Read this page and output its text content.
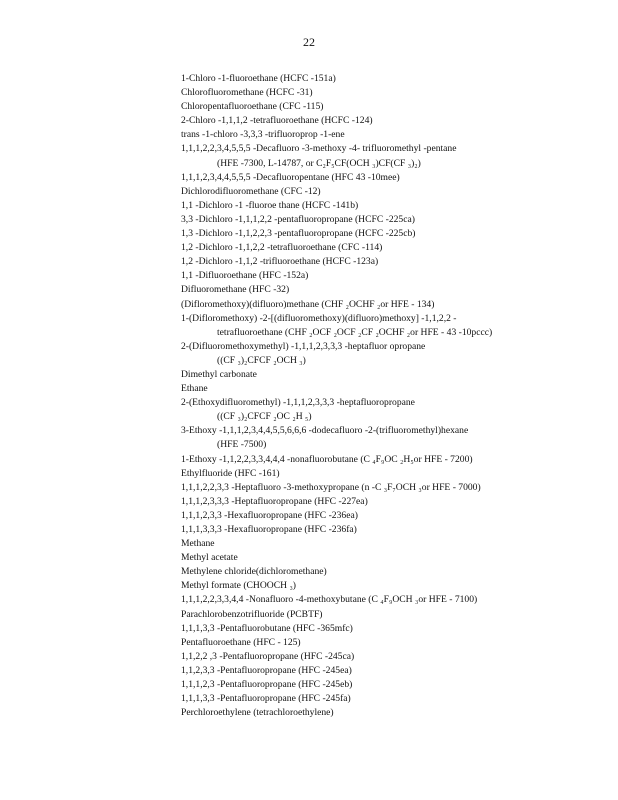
22
1-Chloro -1-fluoroethane (HCFC -151a)
Chlorofluoromethane (HCFC -31)
Chloropentafluoroethane (CFC -115)
2-Chloro -1,1,1,2 -tetrafluoroethane (HCFC -124)
trans -1-chloro -3,3,3 -trifluoroprop -1-ene
1,1,1,2,2,3,4,5,5,5 -Decafluoro -3-methoxy -4- trifluoromethyl -pentane
(HFE -7300, L-14787, or C₂F₅CF(OCH ₃)CF(CF ₃)₂)
1,1,1,2,3,4,4,5,5,5 -Decafluoropentane (HFC 43 -10mee)
Dichlorodifluoromethane (CFC -12)
1,1 -Dichloro -1 -fluoroe thane (HCFC -141b)
3,3 -Dichloro -1,1,1,2,2 -pentafluoropropane (HCFC -225ca)
1,3 -Dichloro -1,1,2,2,3 -pentafluoropropane (HCFC -225cb)
1,2 -Dichloro -1,1,2,2 -tetrafluoroethane (CFC -114)
1,2 -Dichloro -1,1,2 -trifluoroethane (HCFC -123a)
1,1 -Difluoroethane (HFC -152a)
Difluoromethane (HFC -32)
(Difloromethoxy)(difluoro)methane (CHF ₂OCHF ₂or HFE - 134)
1-(Difloromethoxy) -2-[(difluoromethoxy)(difluoro)methoxy] -1,1,2,2 -
tetrafluoroethane (CHF ₂OCF ₂OCF ₂CF ₂OCHF ₂or HFE - 43 -10pccc)
2-(Difluoromethoxymethyl) -1,1,1,2,3,3,3 -heptafluor opropane
((CF ₃)₂CFCF ₂OCH ₃)
Dimethyl carbonate
Ethane
2-(Ethoxydifluoromethyl) -1,1,1,2,3,3,3 -heptafluoropropane
((CF ₃)₂CFCF ₂OC ₂H ₅)
3-Ethoxy -1,1,1,2,3,4,4,5,5,6,6,6 -dodecafluoro -2-(trifluoromethyl)hexane
(HFE -7500)
1-Ethoxy -1,1,2,2,3,3,4,4,4 -nonafluorobutane (C ₄F₉OC ₂H₅or HFE - 7200)
Ethylfluoride (HFC -161)
1,1,1,2,2,3,3 -Heptafluoro -3-methoxypropane (n -C ₃F₇OCH ₃or HFE - 7000)
1,1,1,2,3,3,3 -Heptafluoropropane (HFC -227ea)
1,1,1,2,3,3 -Hexafluoropropane (HFC -236ea)
1,1,1,3,3,3 -Hexafluoropropane (HFC -236fa)
Methane
Methyl acetate
Methylene chloride(dichloromethane)
Methyl formate (CHOOCH ₃)
1,1,1,2,2,3,3,4,4 -Nonafluoro -4-methoxybutane (C ₄F₉OCH ₃or HFE - 7100)
Parachlorobenzotrifluoride (PCBTF)
1,1,1,3,3 -Pentafluorobutane (HFC -365mfc)
Pentafluoroethane (HFC - 125)
1,1,2,2 ,3 -Pentafluoropropane (HFC -245ca)
1,1,2,3,3 -Pentafluoropropane (HFC -245ea)
1,1,1,2,3 -Pentafluoropropane (HFC -245eb)
1,1,1,3,3 -Pentafluoropropane (HFC -245fa)
Perchloroethylene (tetrachloroethylene)
